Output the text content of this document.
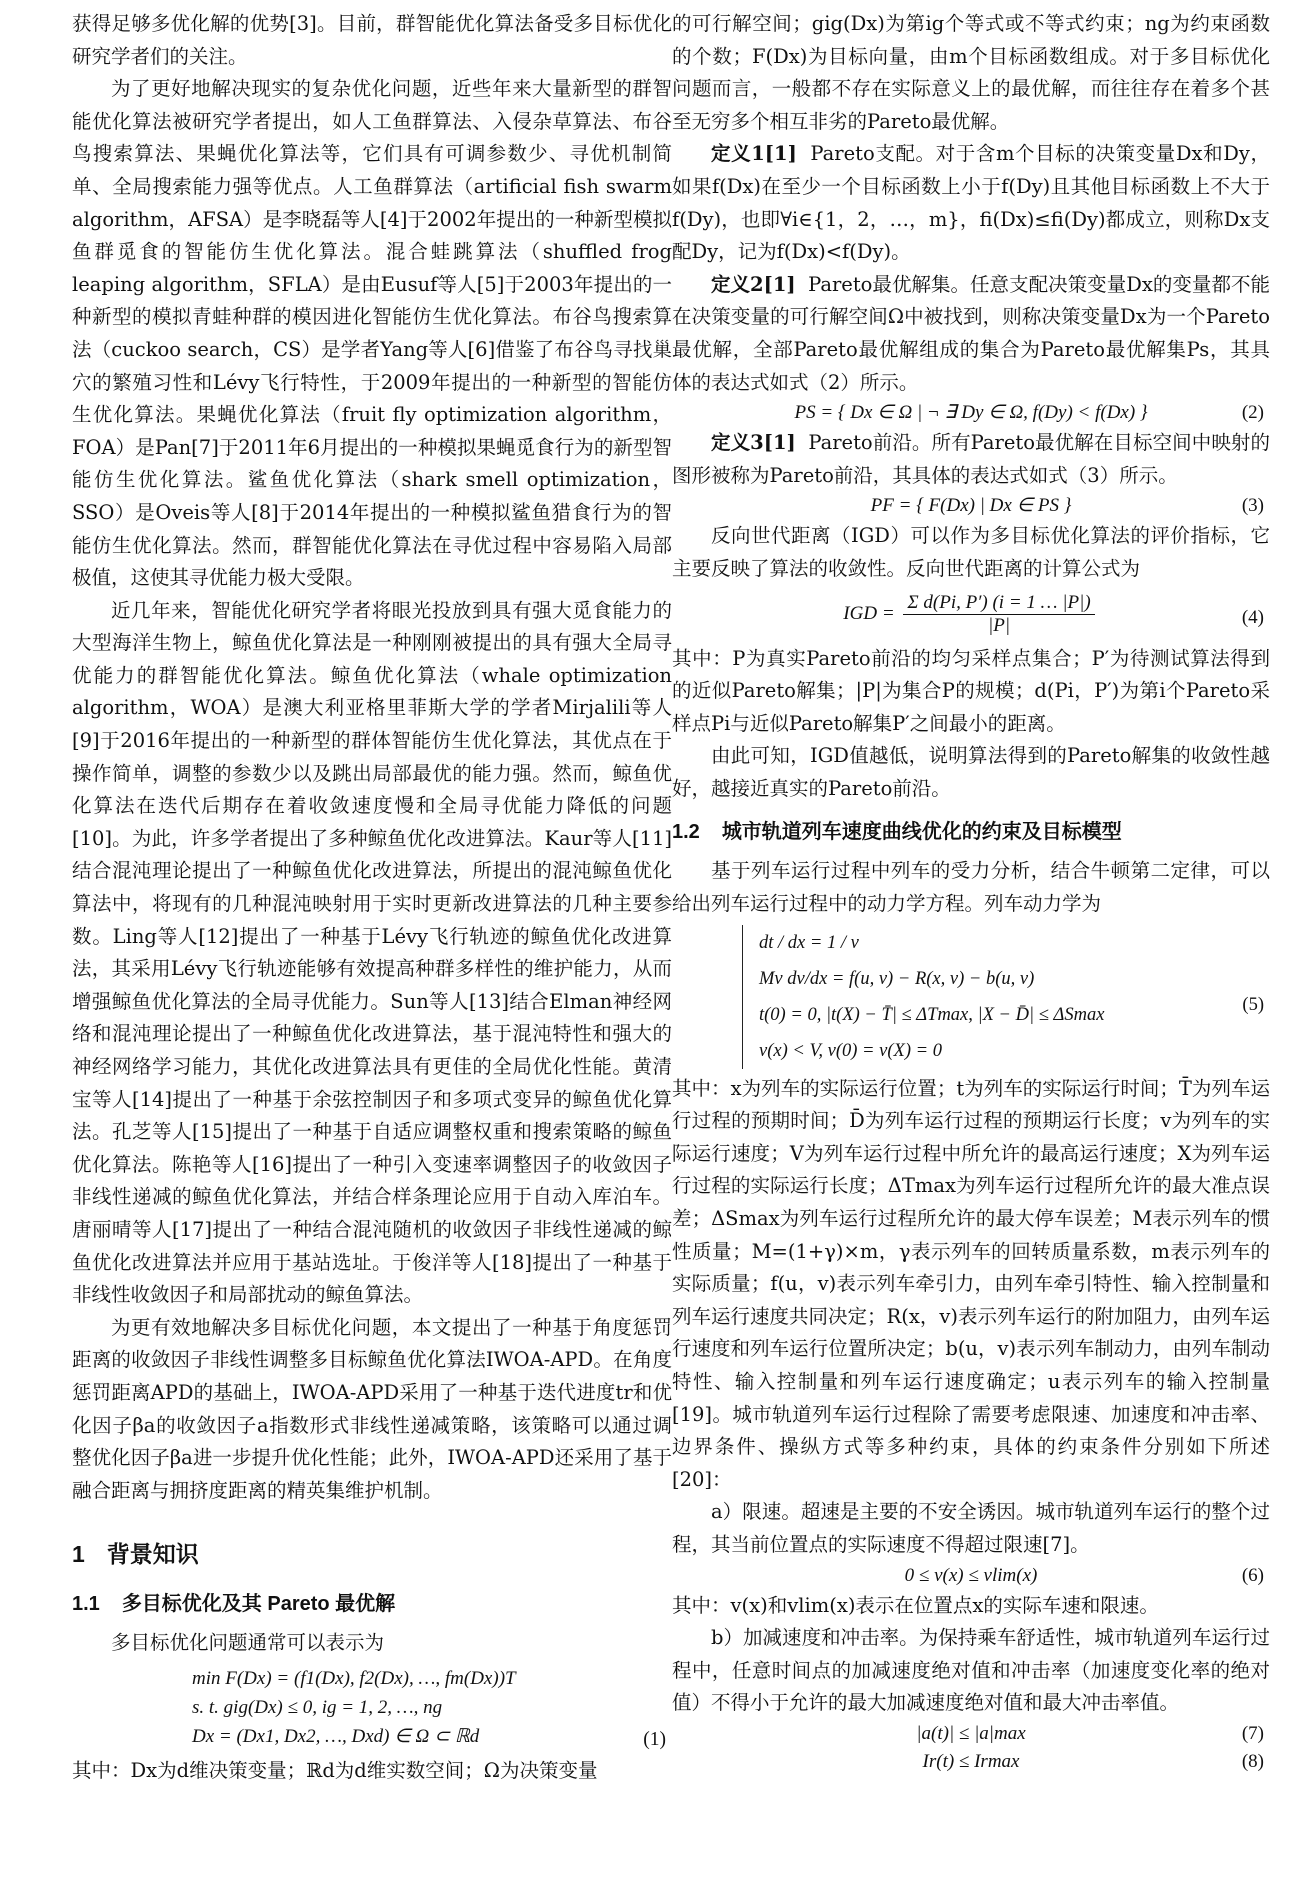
获得足够多优化解的优势[3]。目前，群智能优化算法备受多目标优化研究学者们的关注。

为了更好地解决现实的复杂优化问题，近些年来大量新型的群智能优化算法被研究学者提出，如人工鱼群算法、入侵杂草算法、布谷鸟搜索算法、果蝇优化算法等，它们具有可调参数少、寻优机制简单、全局搜索能力强等优点。人工鱼群算法（artificial fish swarm algorithm，AFSA）是李晓磊等人[4]于2002年提出的一种新型模拟鱼群觅食的智能仿生优化算法。混合蛙跳算法（shuffled frog leaping algorithm，SFLA）是由Eusuf等人[5]于2003年提出的一种新型的模拟青蛙种群的模因进化智能仿生优化算法。布谷鸟搜索算法（cuckoo search，CS）是学者Yang等人[6]借鉴了布谷鸟寻找巢穴的繁殖习性和Lévy飞行特性，于2009年提出的一种新型的智能仿生优化算法。果蝇优化算法（fruit fly optimization algorithm，FOA）是Pan[7]于2011年6月提出的一种模拟果蝇觅食行为的新型智能仿生优化算法。鲨鱼优化算法（shark smell optimization，SSO）是Oveis等人[8]于2014年提出的一种模拟鲨鱼猎食行为的智能仿生优化算法。然而，群智能优化算法在寻优过程中容易陷入局部极值，这使其寻优能力极大受限。

近几年来，智能优化研究学者将眼光投放到具有强大觅食能力的大型海洋生物上，鲸鱼优化算法是一种刚刚被提出的具有强大全局寻优能力的群智能优化算法。鲸鱼优化算法（whale optimization algorithm，WOA）是澳大利亚格里菲斯大学的学者Mirjalili等人[9]于2016年提出的一种新型的群体智能仿生优化算法，其优点在于操作简单，调整的参数少以及跳出局部最优的能力强。然而，鲸鱼优化算法在迭代后期存在着收敛速度慢和全局寻优能力降低的问题[10]。为此，许多学者提出了多种鲸鱼优化改进算法。Kaur等人[11]结合混沌理论提出了一种鲸鱼优化改进算法，所提出的混沌鲸鱼优化算法中，将现有的几种混沌映射用于实时更新改进算法的几种主要参数。Ling等人[12]提出了一种基于Lévy飞行轨迹的鲸鱼优化改进算法，其采用Lévy飞行轨迹能够有效提高种群多样性的维护能力，从而增强鲸鱼优化算法的全局寻优能力。Sun等人[13]结合Elman神经网络和混沌理论提出了一种鲸鱼优化改进算法，基于混沌特性和强大的神经网络学习能力，其优化改进算法具有更佳的全局优化性能。黄清宝等人[14]提出了一种基于余弦控制因子和多项式变异的鲸鱼优化算法。孔芝等人[15]提出了一种基于自适应调整权重和搜索策略的鲸鱼优化算法。陈艳等人[16]提出了一种引入变速率调整因子的收敛因子非线性递减的鲸鱼优化算法，并结合样条理论应用于自动入库泊车。唐丽晴等人[17]提出了一种结合混沌随机的收敛因子非线性递减的鲸鱼优化改进算法并应用于基站选址。于俊洋等人[18]提出了一种基于非线性收敛因子和局部扰动的鲸鱼算法。

为更有效地解决多目标优化问题，本文提出了一种基于角度惩罚距离的收敛因子非线性调整多目标鲸鱼优化算法IWOA-APD。在角度惩罚距离APD的基础上，IWOA-APD采用了一种基于迭代进度tr和优化因子βa的收敛因子a指数形式非线性递减策略，该策略可以通过调整优化因子βa进一步提升优化性能；此外，IWOA-APD还采用了基于融合距离与拥挤度距离的精英集维护机制。

1 背景知识
1.1 多目标优化及其 Pareto 最优解

多目标优化问题通常可以表示为

min F(Dx) = (f1(Dx), f2(Dx), …, fm(Dx))T
s. t. gig(Dx) ≤ 0, ig = 1, 2, …, ng
Dx = (Dx1, Dx2, …, Dxd) ∈ Ω ⊂ ℝd	(1)

其中：Dx为d维决策变量；ℝd为d维实数空间；Ω为决策变量

的可行解空间；gig(Dx)为第ig个等式或不等式约束；ng为约束函数的个数；F(Dx)为目标向量，由m个目标函数组成。对于多目标优化问题而言，一般都不存在实际意义上的最优解，而往往存在着多个甚至无穷多个相互非劣的Pareto最优解。

定义1[1] Pareto支配。对于含m个目标的决策变量Dx和Dy，如果f(Dx)在至少一个目标函数上小于f(Dy)且其他目标函数上不大于f(Dy)，也即∀i∈{1，2，…，m}，fi(Dx)≤fi(Dy)都成立，则称Dx支配Dy，记为f(Dx)<f(Dy)。

定义2[1] Pareto最优解集。任意支配决策变量Dx的变量都不能在决策变量的可行解空间Ω中被找到，则称决策变量Dx为一个Pareto最优解，全部Pareto最优解组成的集合为Pareto最优解集Ps，其具体的表达式如式（2）所示。

PS = { Dx ∈ Ω | ¬ ∃ Dy ∈ Ω, f(Dy) < f(Dx) }	(2)

定义3[1] Pareto前沿。所有Pareto最优解在目标空间中映射的图形被称为Pareto前沿，其具体的表达式如式（3）所示。

PF = { F(Dx) | Dx ∈ PS }	(3)

反向世代距离（IGD）可以作为多目标优化算法的评价指标，它主要反映了算法的收敛性。反向世代距离的计算公式为

IGD = $\frac{\text{Σ d(Pi, P′) (i = 1 … |P|)}}{|P|}$	(4)

其中：P为真实Pareto前沿的均匀采样点集合；P′为待测试算法得到的近似Pareto解集；|P|为集合P的规模；d(Pi，P′)为第i个Pareto采样点Pi与近似Pareto解集P′之间最小的距离。

由此可知，IGD值越低，说明算法得到的Pareto解集的收敛性越好，越接近真实的Pareto前沿。

1.2 城市轨道列车速度曲线优化的约束及目标模型

基于列车运行过程中列车的受力分析，结合牛顿第二定律，可以给出列车运行过程中的动力学方程。列车动力学为

dt / dx = 1 / v
Mv dv/dx = f(u, v) − R(x, v) − b(u, v)
t(0) = 0, |t(X) − T̄| ≤ ΔTmax, |X − D̄| ≤ ΔSmax
v(x) < V, v(0) = v(X) = 0
(5)

其中：x为列车的实际运行位置；t为列车的实际运行时间；T̄为列车运行过程的预期时间；D̄为列车运行过程的预期运行长度；v为列车的实际运行速度；V为列车运行过程中所允许的最高运行速度；X为列车运行过程的实际运行长度；ΔTmax为列车运行过程所允许的最大准点误差；ΔSmax为列车运行过程所允许的最大停车误差；M表示列车的惯性质量；M=(1+γ)×m，γ表示列车的回转质量系数，m表示列车的实际质量；f(u，v)表示列车牵引力，由列车牵引特性、输入控制量和列车运行速度共同决定；R(x，v)表示列车运行的附加阻力，由列车运行速度和列车运行位置所决定；b(u，v)表示列车制动力，由列车制动特性、输入控制量和列车运行速度确定；u表示列车的输入控制量[19]。城市轨道列车运行过程除了需要考虑限速、加速度和冲击率、边界条件、操纵方式等多种约束，具体的约束条件分别如下所述[20]：

a）限速。超速是主要的不安全诱因。城市轨道列车运行的整个过程，其当前位置点的实际速度不得超过限速[7]。

0 ≤ v(x) ≤ vlim(x)	(6)

其中：v(x)和vlim(x)表示在位置点x的实际车速和限速。

b）加减速度和冲击率。为保持乘车舒适性，城市轨道列车运行过程中，任意时间点的加减速度绝对值和冲击率（加速度变化率的绝对值）不得小于允许的最大加减速度绝对值和最大冲击率值。

|a(t)| ≤ |a|max	(7)
Ir(t) ≤ Irmax	(8)
